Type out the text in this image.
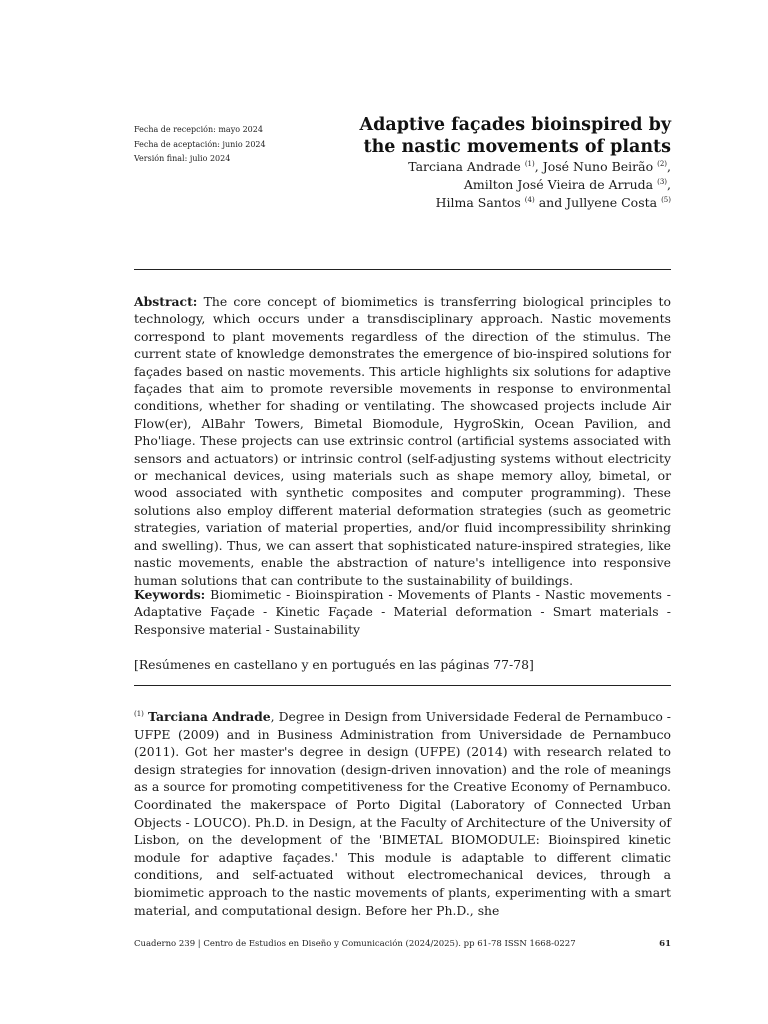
Fecha de recepción: mayo 2024
Fecha de aceptación: junio 2024
Versión final: julio 2024
Adaptive façades bioinspired by
the nastic movements of plants
Tarciana Andrade $^{(1)}$, José Nuno Beirão $^{(2)}$,
Amilton José Vieira de Arruda $^{(3)}$,
Hilma Santos $^{(4)}$ and Jullyene Costa $^{(5)}$

Abstract: The core concept of biomimetics is transferring biological principles to technology, which occurs under a transdisciplinary approach. Nastic movements correspond to plant movements regardless of the direction of the stimulus. The current state of knowledge demonstrates the emergence of bio-inspired solutions for façades based on nastic movements. This article highlights six solutions for adaptive façades that aim to promote reversible movements in response to environmental conditions, whether for shading or ventilating. The showcased projects include Air Flow(er), AlBahr Towers, Bimetal Biomodule, HygroSkin, Ocean Pavilion, and Pho'liage. These projects can use extrinsic control (artificial systems associated with sensors and actuators) or intrinsic control (self-adjusting systems without electricity or mechanical devices, using materials such as shape memory alloy, bimetal, or wood associated with synthetic composites and computer programming). These solutions also employ different material deformation strategies (such as geometric strategies, variation of material properties, and/or fluid incompressibility shrinking and swelling). Thus, we can assert that sophisticated nature-inspired strategies, like nastic movements, enable the abstraction of nature's intelligence into responsive human solutions that can contribute to the sustainability of buildings.

Keywords: Biomimetic - Bioinspiration - Movements of Plants - Nastic movements - Adaptative Façade - Kinetic Façade - Material deformation - Smart materials - Responsive material - Sustainability

[Resúmenes en castellano y en portugués en las páginas 77-78]

$^{(1)}$ Tarciana Andrade, Degree in Design from Universidade Federal de Pernambuco - UFPE (2009) and in Business Administration from Universidade de Pernambuco (2011). Got her master's degree in design (UFPE) (2014) with research related to design strategies for innovation (design-driven innovation) and the role of meanings as a source for promoting competitiveness for the Creative Economy of Pernambuco. Coordinated the makerspace of Porto Digital (Laboratory of Connected Urban Objects - LOUCO). Ph.D. in Design, at the Faculty of Architecture of the University of Lisbon, on the development of the 'BIMETAL BIOMODULE: Bioinspired kinetic module for adaptive façades.' This module is adaptable to different climatic conditions, and self-actuated without electromechanical devices, through a biomimetic approach to the nastic movements of plants, experimenting with a smart material, and computational design. Before her Ph.D., she

Cuaderno 239 | Centro de Estudios en Diseño y Comunicación (2024/2025). pp 61-78 ISSN 1668-0227	61
